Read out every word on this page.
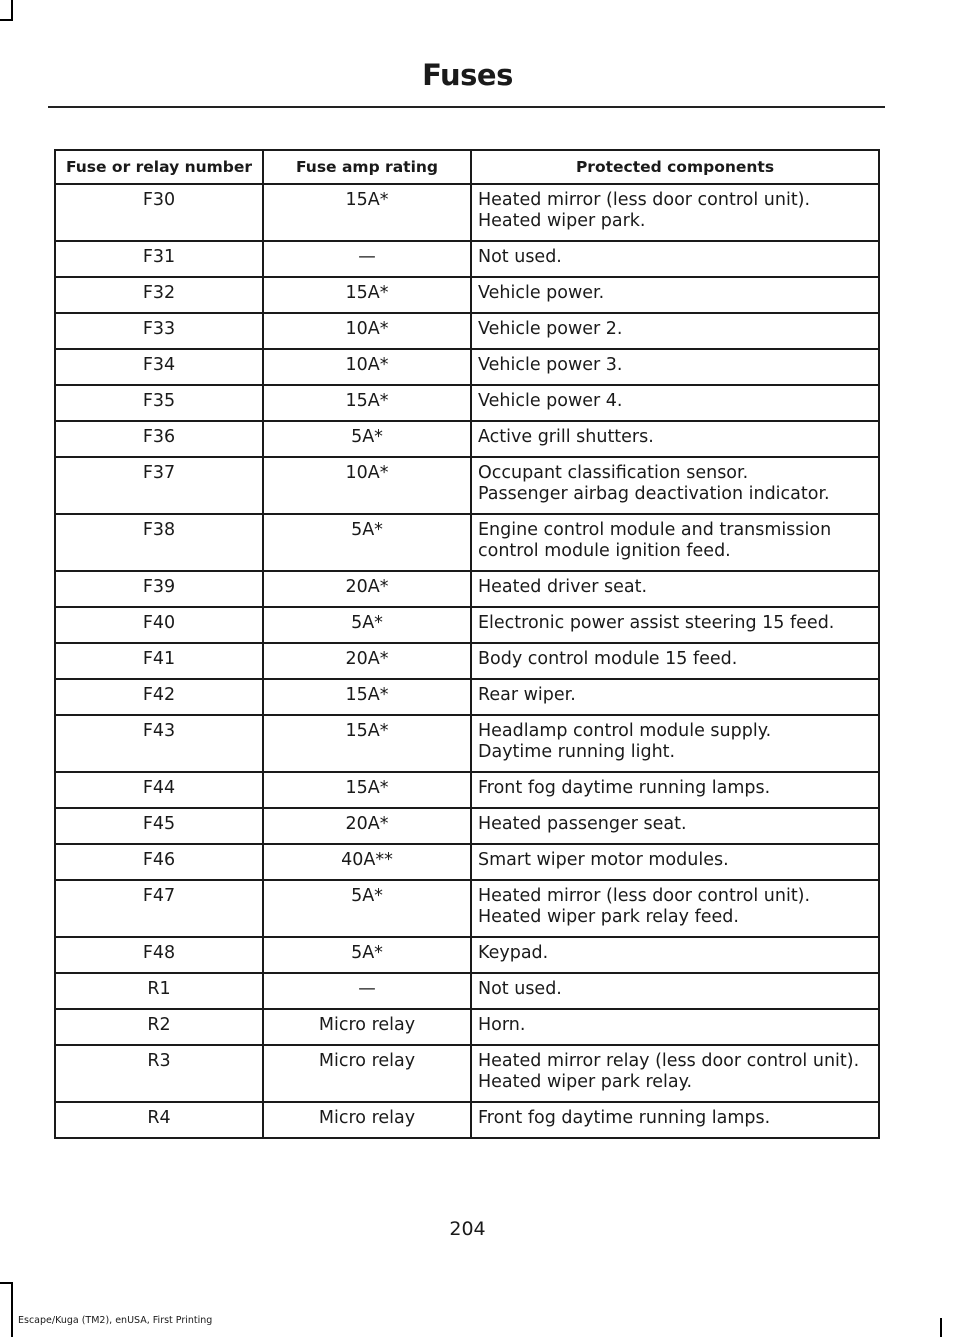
Fuses
Fuse or relay number	Fuse amp rating	Protected components
F30	15A*	Heated mirror (less door control unit).
Heated wiper park.

F31	—	Not used.

F32	15A*	Vehicle power.

F33	10A*	Vehicle power 2.

F34	10A*	Vehicle power 3.

F35	15A*	Vehicle power 4.

F36	5A*	Active grill shutters.

F37	10A*	Occupant classification sensor.
Passenger airbag deactivation indicator.

F38	5A*	Engine control module and transmission
control module ignition feed.

F39	20A*	Heated driver seat.

F40	5A*	Electronic power assist steering 15 feed.

F41	20A*	Body control module 15 feed.

F42	15A*	Rear wiper.

F43	15A*	Headlamp control module supply.
Daytime running light.

F44	15A*	Front fog daytime running lamps.

F45	20A*	Heated passenger seat.

F46	40A**	Smart wiper motor modules.

F47	5A*	Heated mirror (less door control unit).
Heated wiper park relay feed.

F48	5A*	Keypad.

R1	—	Not used.

R2	Micro relay	Horn.

R3	Micro relay	Heated mirror relay (less door control unit).
Heated wiper park relay.

R4	Micro relay	Front fog daytime running lamps.
204
Escape/Kuga (TM2), enUSA, First Printing
